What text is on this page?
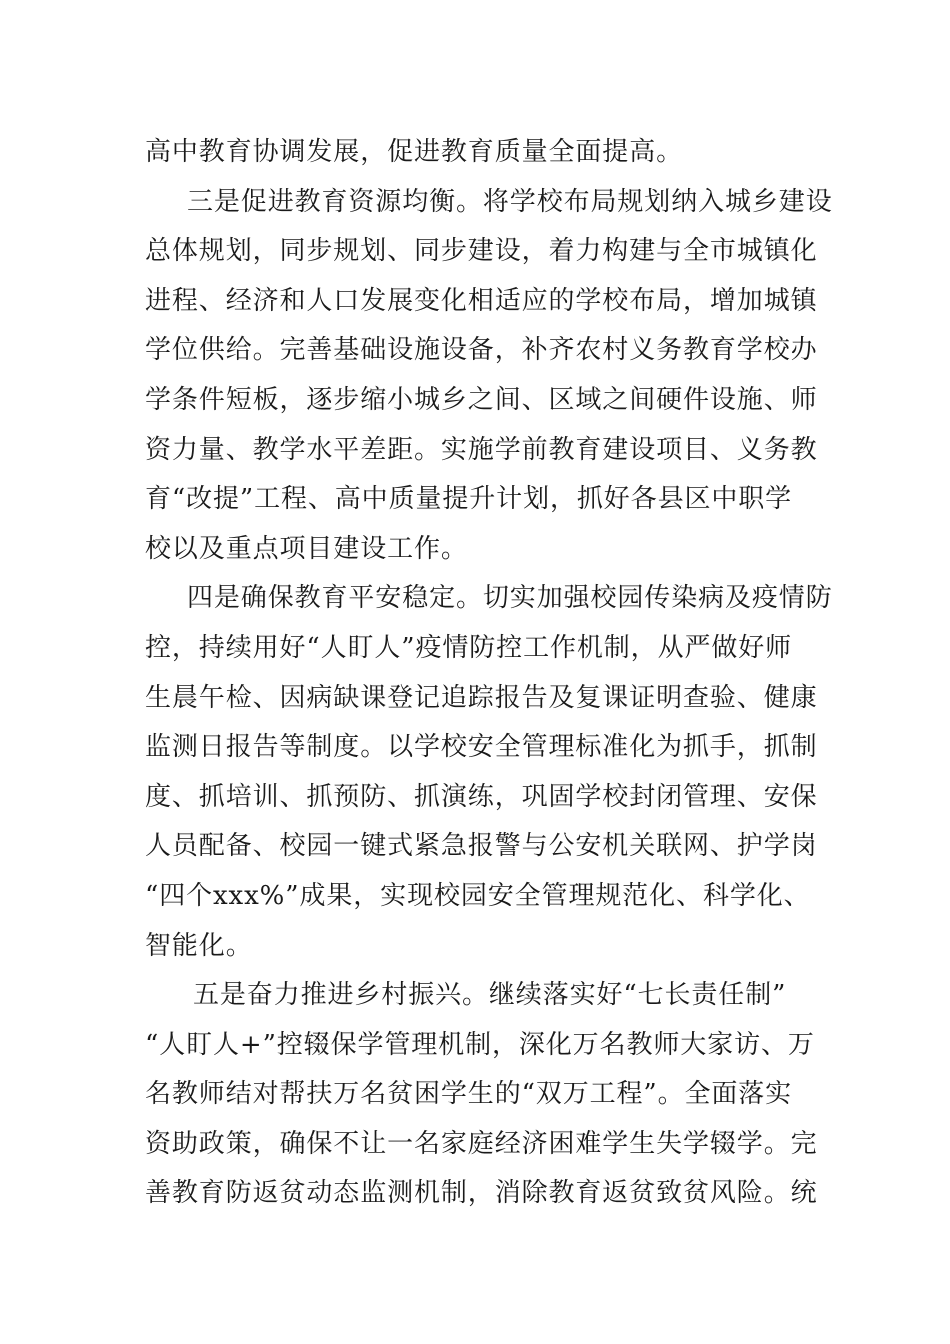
高中教育协调发展，促进教育质量全面提高。
三是促进教育资源均衡。将学校布局规划纳入城乡建设
总体规划，同步规划、同步建设，着力构建与全市城镇化
进程、经济和人口发展变化相适应的学校布局，增加城镇
学位供给。完善基础设施设备，补齐农村义务教育学校办
学条件短板，逐步缩小城乡之间、区域之间硬件设施、师
资力量、教学水平差距。实施学前教育建设项目、义务教
育“改提”工程、高中质量提升计划，抓好各县区中职学
校以及重点项目建设工作。
四是确保教育平安稳定。切实加强校园传染病及疫情防
控，持续用好“人盯人”疫情防控工作机制，从严做好师
生晨午检、因病缺课登记追踪报告及复课证明查验、健康
监测日报告等制度。以学校安全管理标准化为抓手，抓制
度、抓培训、抓预防、抓演练，巩固学校封闭管理、安保
人员配备、校园一键式紧急报警与公安机关联网、护学岗
“四个xxx%”成果，实现校园安全管理规范化、科学化、
智能化。
五是奋力推进乡村振兴。继续落实好“七长责任制”
“人盯人+”控辍保学管理机制，深化万名教师大家访、万
名教师结对帮扶万名贫困学生的“双万工程”。全面落实
资助政策，确保不让一名家庭经济困难学生失学辍学。完
善教育防返贫动态监测机制，消除教育返贫致贫风险。统
